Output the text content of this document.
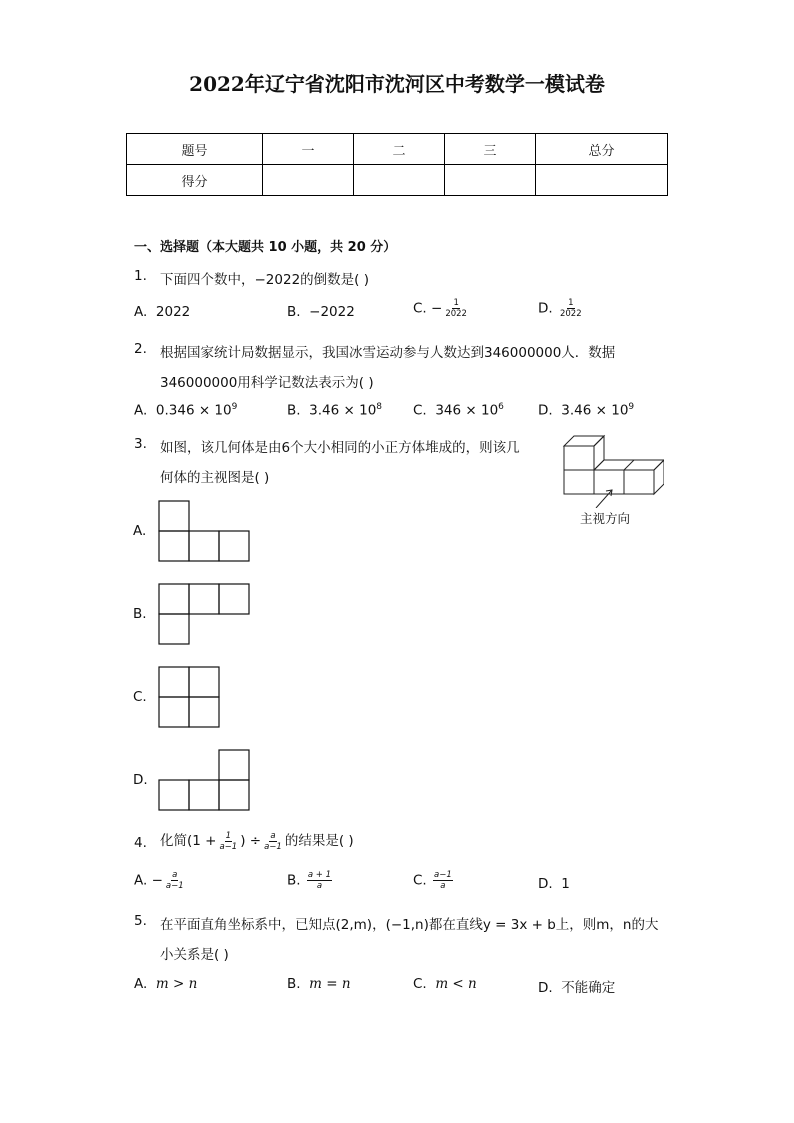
2022年辽宁省沈阳市沈河区中考数学一模试卷
题号	一	二	三	总分
得分				
一、选择题（本大题共 10 小题，共 20 分）
1. 下面四个数中，−2022的倒数是( )
A. 2022	B. −2022	C. − $\frac{1}{2022}$	D. $\frac{1}{2022}$
2. 根据国家统计局数据显示，我国冰雪运动参与人数达到346000000人．数据
346000000用科学记数法表示为( )
A. $0.346 \times 10^9$	B. $3.46 \times 10^8$ C. $346 \times 10^6$	D. $3.46 \times 10^9$
3. 如图，该几何体是由6个大小相同的小正方体堆成的，则该几
何体的主视图是( )
主视方向
A.
B.
C.
D.
4. 化简($1 + \frac{1}{a-1}$ ) ÷ $\frac{a}{a-1}$ 的结果是( )
A. − $\frac{a}{a-1}$	B. $\frac{a + 1}{a}$	C. $\frac{a-1}{a}$	D. 1
5. 在平面直角坐标系中，已知点(2,m)，(−1,n)都在直线y = 3x + b上，则m，n的大
小关系是( )
A. m > n	B. m = n	C. m < n	D. 不能确定
